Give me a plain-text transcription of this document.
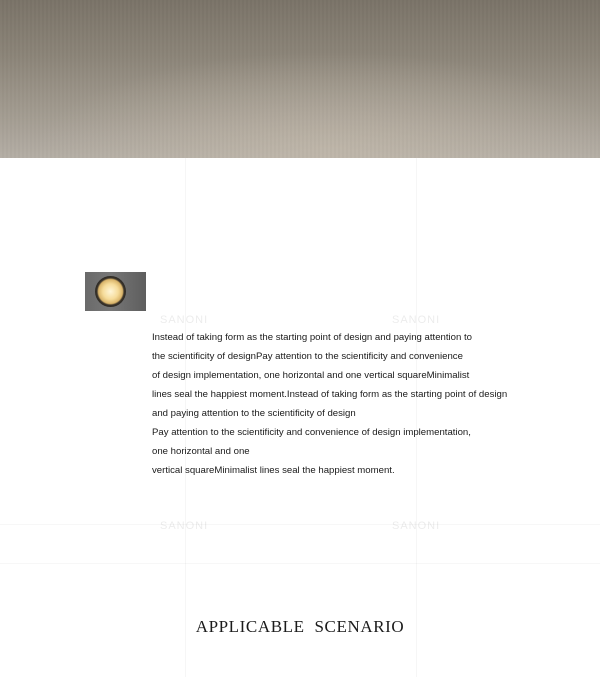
SANONI	SANONI
SANONI	SANONI

Instead of taking form as the starting point of design and paying attention to
the scientificity of designPay attention to the scientificity and convenience
of design implementation, one horizontal and one vertical squareMinimalist
lines seal the happiest moment.Instead of taking form as the starting point of design
and paying attention to the scientificity of design
Pay attention to the scientificity and convenience of design implementation,
one horizontal and one
vertical squareMinimalist lines seal the happiest moment.

APPLICABLE SCENARIO
